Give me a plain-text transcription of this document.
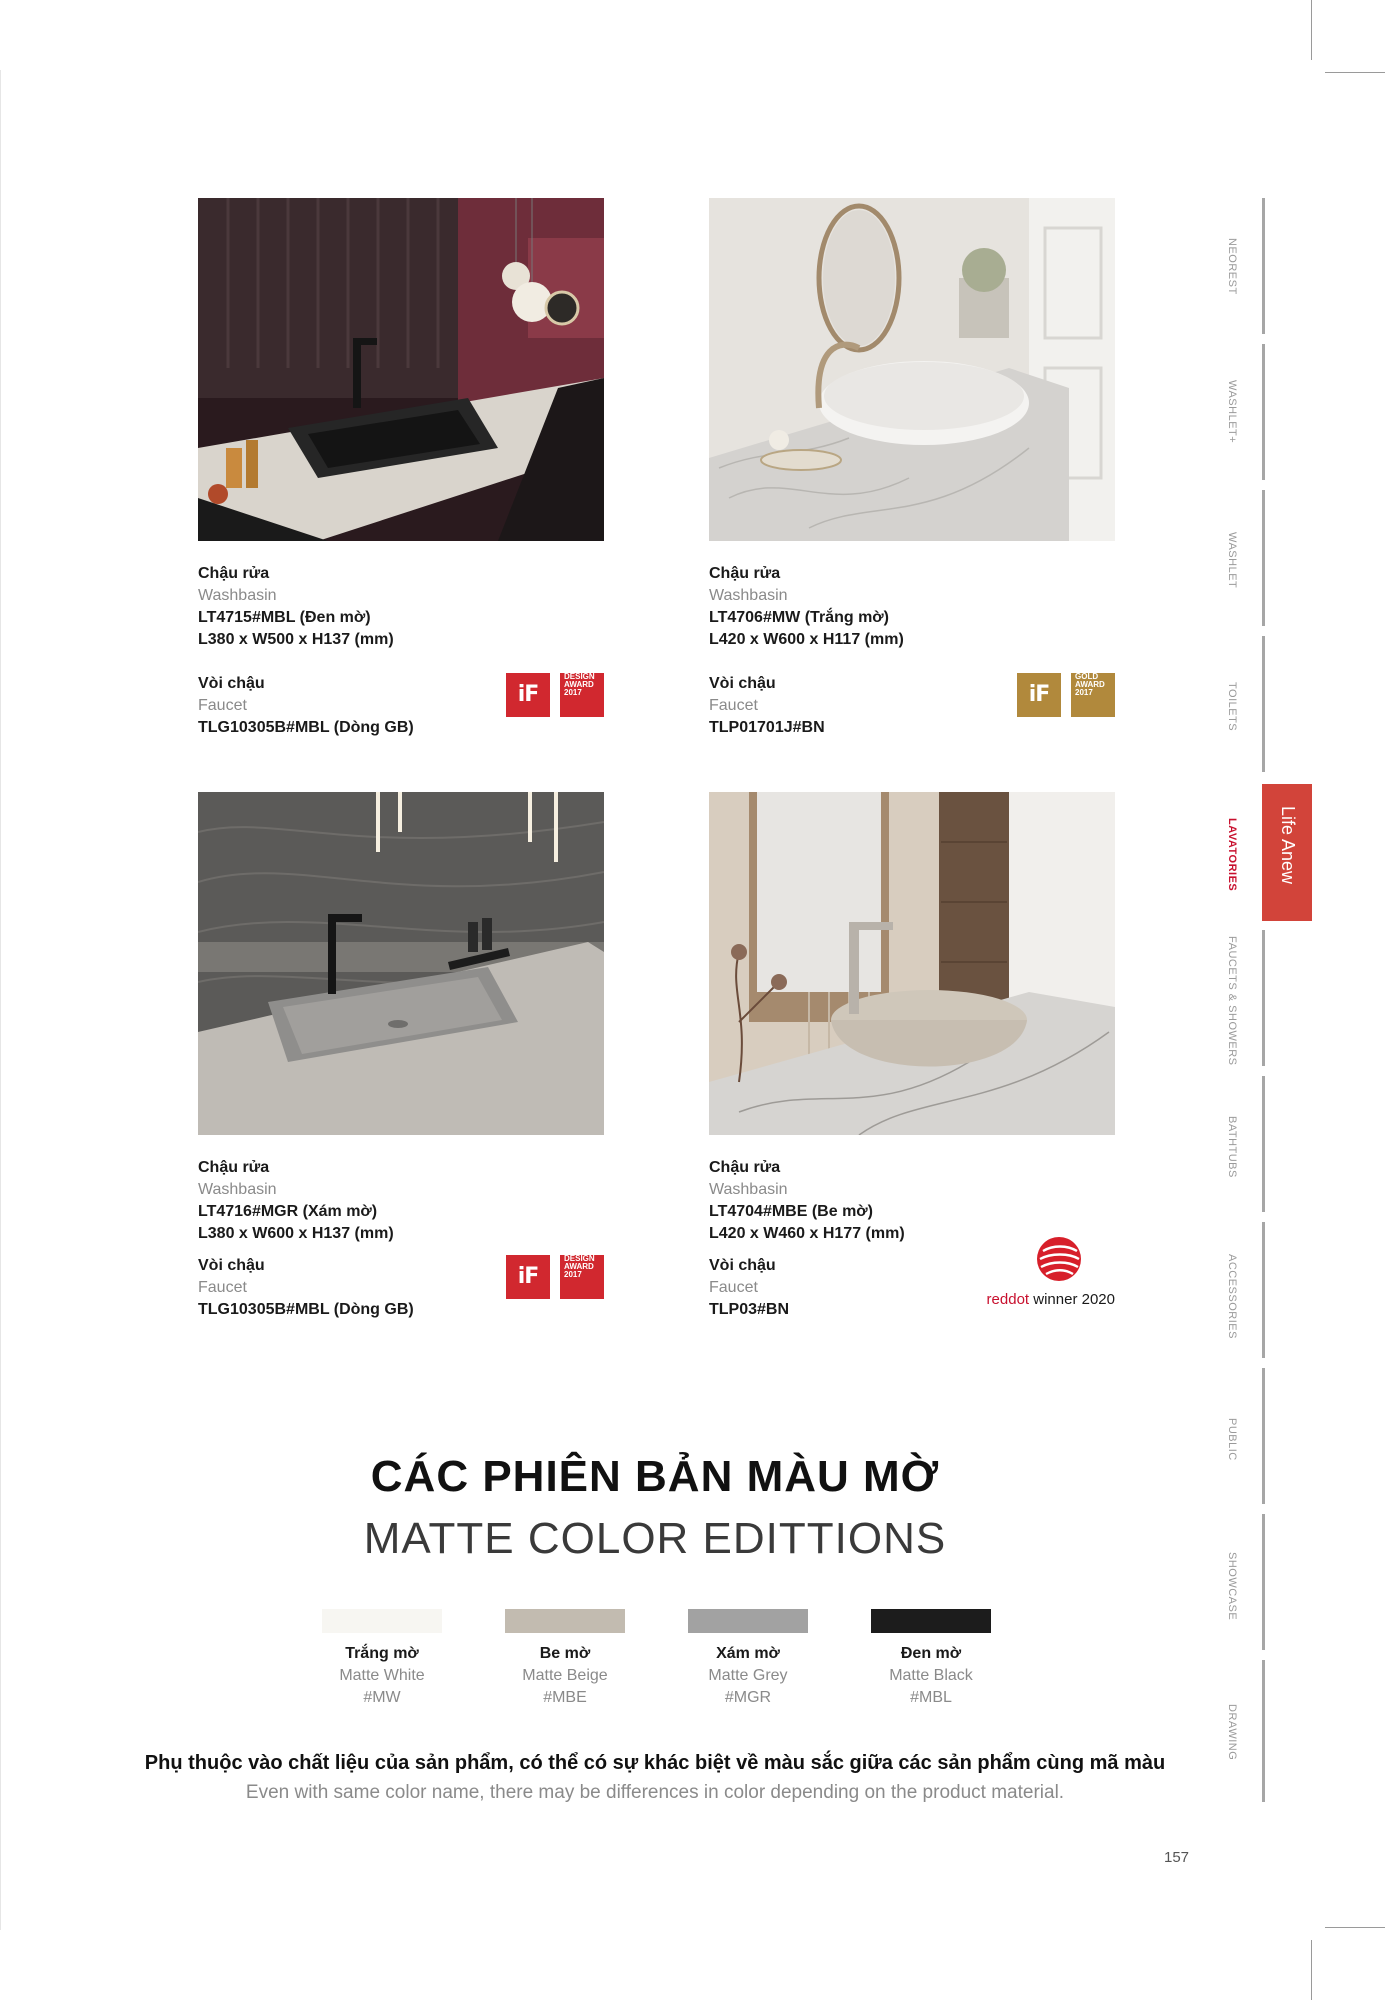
Chậu rửa
Washbasin
LT4715#MBL (Đen mờ)
L380 x W500 x H137 (mm)
iF
DESIGN
AWARD
2017
Vòi chậu
Faucet
TLG10305B#MBL (Dòng GB)
Chậu rửa
Washbasin
LT4706#MW (Trắng mờ)
L420 x W600 x H117 (mm)
iF
GOLD
AWARD
2017
Vòi chậu
Faucet
TLP01701J#BN
Chậu rửa
Washbasin
LT4716#MGR (Xám mờ)
L380 x W600 x H137 (mm)
iF
DESIGN
AWARD
2017
Vòi chậu
Faucet
TLG10305B#MBL (Dòng GB)
Chậu rửa
Washbasin
LT4704#MBE (Be mờ)
L420 x W460 x H177 (mm)
reddot winner 2020
Vòi chậu
Faucet
TLP03#BN
CÁC PHIÊN BẢN MÀU MỜ
MATTE COLOR EDITTIONS
Trắng mờ
Matte White
#MW
Be mờ
Matte Beige
#MBE
Xám mờ
Matte Grey
#MGR
Đen mờ
Matte Black
#MBL
Phụ thuộc vào chất liệu của sản phẩm, có thể có sự khác biệt về màu sắc giữa các sản phẩm cùng mã màu
Even with same color name, there may be differences in color depending on the product material.
157
NEOREST
WASHLET+
WASHLET
TOILETS
LAVATORIES
FAUCETS & SHOWERS
BATHTUBS
ACCESSORIES
PUBLIC
SHOWCASE
DRAWING
Life Anew
